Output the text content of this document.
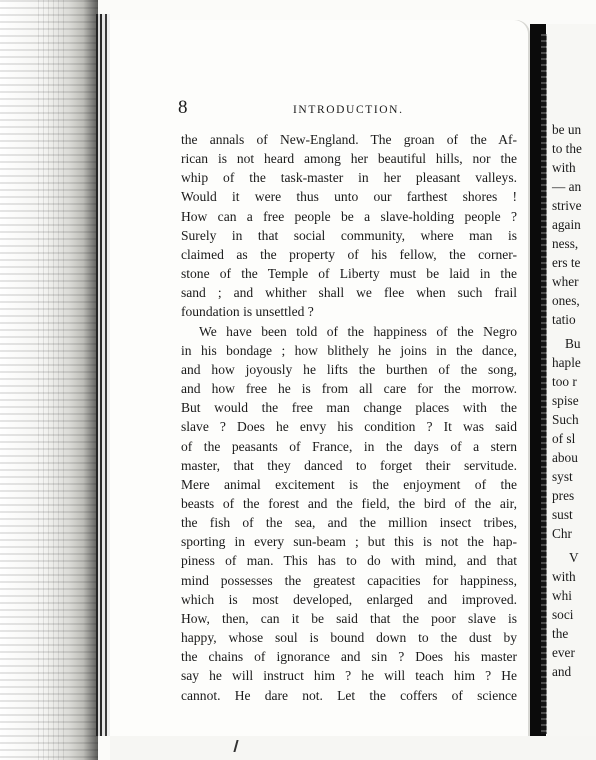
8	INTRODUCTION.
the annals of New-England. The groan of the Af-
rican is not heard among her beautiful hills, nor the
whip of the task-master in her pleasant valleys.
Would it were thus unto our farthest shores !
How can a free people be a slave-holding people ?
Surely in that social community, where man is
claimed as the property of his fellow, the corner-
stone of the Temple of Liberty must be laid in the
sand ; and whither shall we flee when such frail
foundation is unsettled ?
We have been told of the happiness of the Negro
in his bondage ; how blithely he joins in the dance,
and how joyously he lifts the burthen of the song,
and how free he is from all care for the morrow.
But would the free man change places with the
slave ? Does he envy his condition ? It was said
of the peasants of France, in the days of a stern
master, that they danced to forget their servitude.
Mere animal excitement is the enjoyment of the
beasts of the forest and the field, the bird of the air,
the fish of the sea, and the million insect tribes,
sporting in every sun-beam ; but this is not the hap-
piness of man. This has to do with mind, and that
mind possesses the greatest capacities for happiness,
which is most developed, enlarged and improved.
How, then, can it be said that the poor slave is
happy, whose soul is bound down to the dust by
the chains of ignorance and sin ? Does his master
say he will instruct him ? he will teach him ? He
cannot. He dare not. Let the coffers of science
be un
to the
with
— an
strive
again
ness,
ers te
wher
ones,
tatio
Bu
haple
too r
spise
Such
of sl
abou
syst
pres
sust
Chr
V
with
whi
soci
the
ever
and
